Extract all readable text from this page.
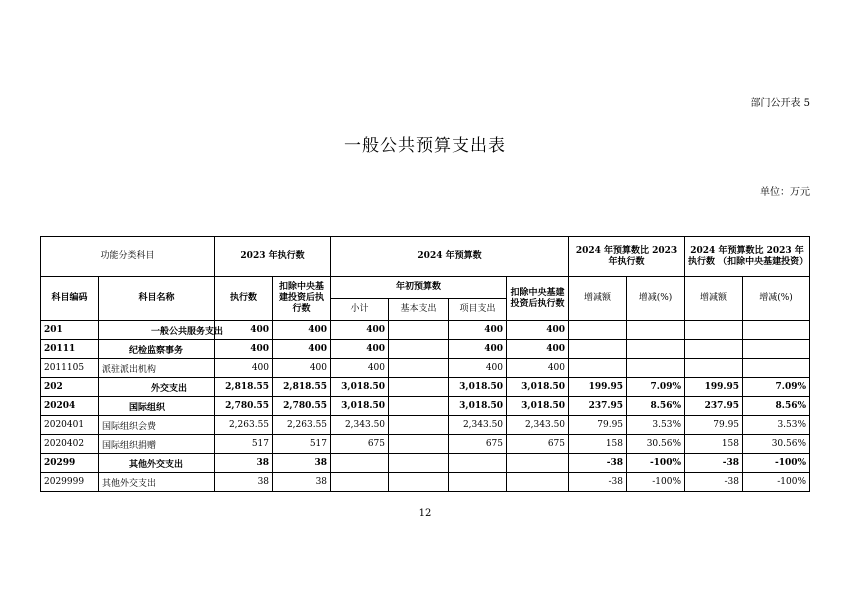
部门公开表 5
一般公共预算支出表
单位：万元
功能分类科目		2023 年执行数		2024 年预算数				2024 年预算数比 2023 年执行数		2024 年预算数比 2023 年执行数 （扣除中央基建投资）	
科目编码	科目名称	执行数	扣除中央基建投资后执行数	年初预算数			扣除中央基建投资后执行数	增减额	增减(%)	增减额	增减(%)
				小计	基本支出	项目支出					
201	一般公共服务支出	400	400	400		400	400				
20111	纪检监察事务	400	400	400		400	400				
2011105	派驻派出机构	400	400	400		400	400				
202	外交支出	2,818.55	2,818.55	3,018.50		3,018.50	3,018.50	199.95	7.09%	199.95	7.09%
20204	国际组织	2,780.55	2,780.55	3,018.50		3,018.50	3,018.50	237.95	8.56%	237.95	8.56%
2020401	国际组织会费	2,263.55	2,263.55	2,343.50		2,343.50	2,343.50	79.95	3.53%	79.95	3.53%
2020402	国际组织捐赠	517	517	675		675	675	158	30.56%	158	30.56%
20299	其他外交支出	38	38					-38	-100%	-38	-100%
2029999	其他外交支出	38	38					-38	-100%	-38	-100%
12
